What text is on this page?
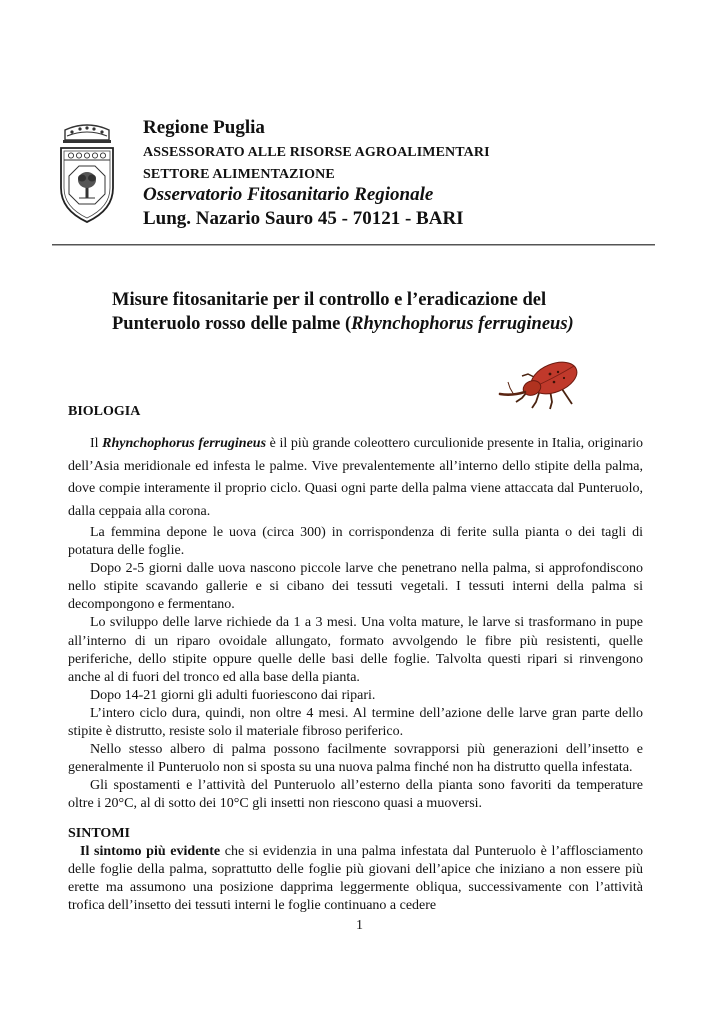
Regione Puglia
ASSESSORATO ALLE RISORSE AGROALIMENTARI
SETTORE ALIMENTAZIONE
Osservatorio Fitosanitario Regionale
Lung. Nazario Sauro 45 - 70121 - BARI
Misure fitosanitarie per il controllo e l’eradicazione del
Punteruolo rosso delle palme (Rhynchophorus ferrugineus)
BIOLOGIA
Il Rhynchophorus ferrugineus è il più grande coleottero curculionide presente in Italia, originario dell’Asia meridionale ed infesta le palme. Vive prevalentemente all’interno dello stipite della palma, dove compie interamente il proprio ciclo. Quasi ogni parte della palma viene attaccata dal Punteruolo, dalla ceppaia alla corona.

La femmina depone le uova (circa 300) in corrispondenza di ferite sulla pianta o dei tagli di potatura delle foglie.

Dopo 2-5 giorni dalle uova nascono piccole larve che penetrano nella palma, si approfondiscono nello stipite scavando gallerie e si cibano dei tessuti vegetali. I tessuti interni della palma si decompongono e fermentano.

Lo sviluppo delle larve richiede da 1 a 3 mesi. Una volta mature, le larve si trasformano in pupe all’interno di un riparo ovoidale allungato, formato avvolgendo le fibre più resistenti, quelle periferiche, dello stipite oppure quelle delle basi delle foglie. Talvolta questi ripari si rinvengono anche al di fuori del tronco ed alla base della pianta.

Dopo 14-21 giorni gli adulti fuoriescono dai ripari.

L’intero ciclo dura, quindi, non oltre 4 mesi. Al termine dell’azione delle larve gran parte dello stipite è distrutto, resiste solo il materiale fibroso periferico.

Nello stesso albero di palma possono facilmente sovrapporsi più generazioni dell’insetto e generalmente il Punteruolo non si sposta su una nuova palma finché non ha distrutto quella infestata.

Gli spostamenti e l’attività del Punteruolo all’esterno della pianta sono favoriti da temperature oltre i 20°C, al di sotto dei 10°C gli insetti non riescono quasi a muoversi.

SINTOMI
Il sintomo più evidente che si evidenzia in una palma infestata dal Punteruolo è l’afflosciamento delle foglie della palma, soprattutto delle foglie più giovani dell’apice che iniziano a non essere più erette ma assumono una posizione dapprima leggermente obliqua, successivamente con l’attività trofica dell’insetto dei tessuti interni le foglie continuano a cedere
1
